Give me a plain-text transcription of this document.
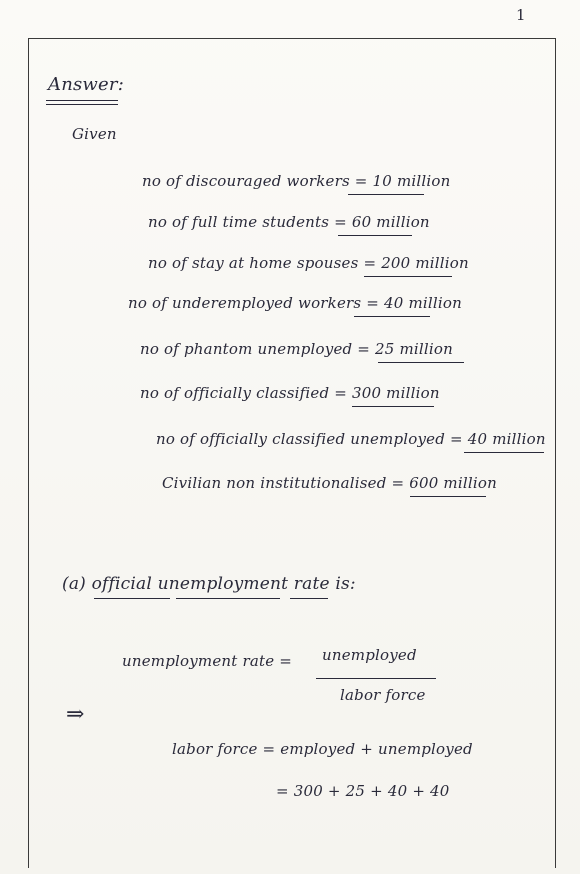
1
Answer:
Given
no of discouraged workers = 10 million
no of full time students = 60 million
no of stay at home spouses = 200 million
no of underemployed workers = 40 million
no of phantom unemployed = 25 million
no of officially classified = 300 million
no of officially classified unemployed = 40 million
Civilian non institutionalised = 600 million
(a) official unemployment rate is:
⇒
unemployment rate = unemployed
labor force
labor force = employed + unemployed
= 300 + 25 + 40 + 40
